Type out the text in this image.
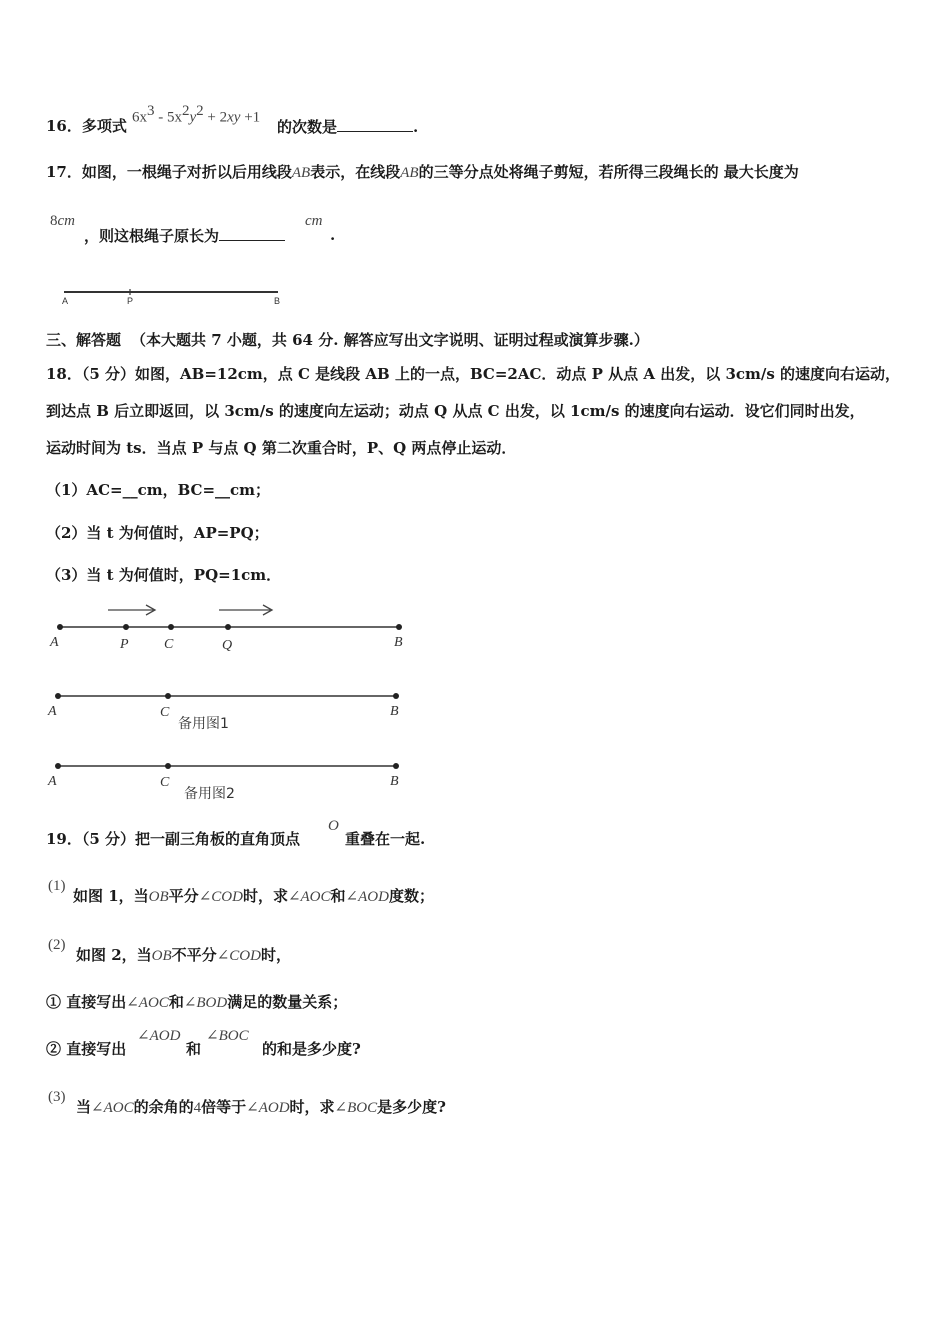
16．多项式 $6x^3 - 5x^2y^2 + 2xy +1$
的次数是	.
17．如图，一根绳子对折以后用线段AB表示，在线段AB的三等分点处将绳子剪短，若所得三段绳长的 最大长度为
8cm
，则这根绳子原长为
cm
.
A	P	B
三、解答题 （本大题共 7 小题，共 64 分. 解答应写出文字说明、证明过程或演算步骤.）
18．（5 分）如图，AB=12cm，点 C 是线段 AB 上的一点，BC=2AC．动点 P 从点 A 出发，以 3cm/s 的速度向右运动，
到达点 B 后立即返回，以 3cm/s 的速度向左运动；动点 Q 从点 C 出发，以 1cm/s 的速度向右运动．设它们同时出发，
运动时间为 ts．当点 P 与点 Q 第二次重合时，P、Q 两点停止运动．
（1）AC=__cm，BC=__cm；
（2）当 t 为何值时，AP=PQ；
（3）当 t 为何值时，PQ=1cm．
A	P	C	Q	B
A	C	B
备用图1
A	C	B
备用图2
19．（5 分）把一副三角板的直角顶点
O
重叠在一起.
(1)
如图 1，当OB平分∠COD时，求∠AOC和∠AOD度数；
(2)
如图 2，当OB不平分∠COD时，
① 直接写出∠AOC和∠BOD满足的数量关系；
② 直接写出
∠AOD
和
∠BOC
的和是多少度?
(3)
当∠AOC的余角的4倍等于∠AOD时，求∠BOC是多少度?
